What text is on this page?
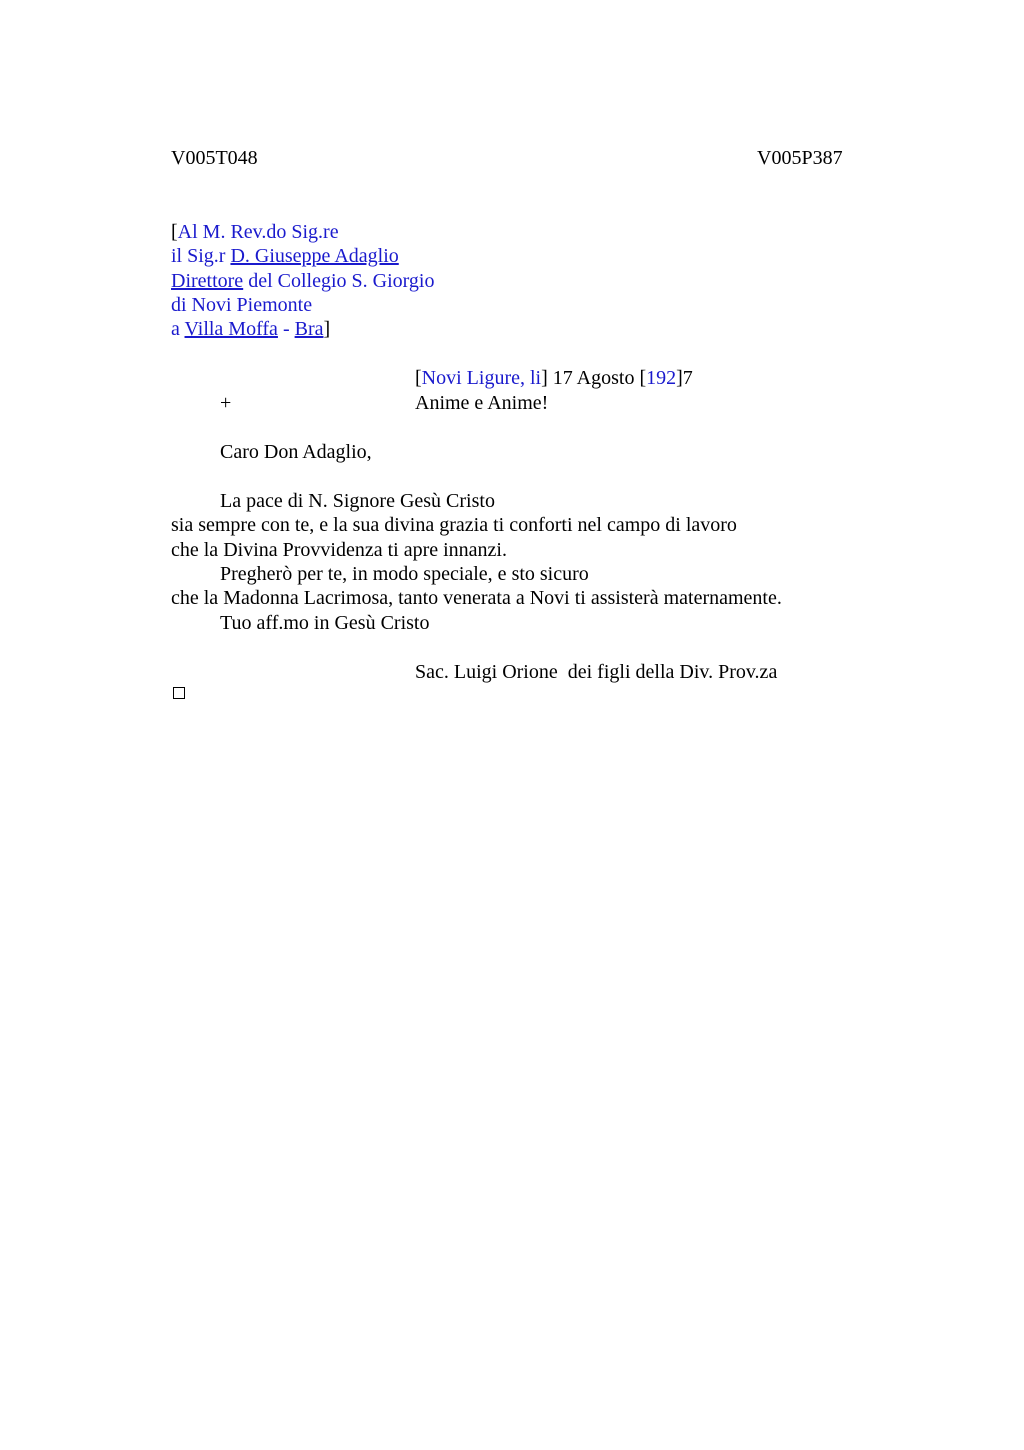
V005T048	V005P387

[Al M. Rev.do Sig.re

il Sig.r D. Giuseppe Adaglio

Direttore del Collegio S. Giorgio

di Novi Piemonte

a Villa Moffa - Bra]

[Novi Ligure, li] 17 Agosto [192]7

+	Anime e Anime!

Caro Don Adaglio,

La pace di N. Signore Gesù Cristo

sia sempre con te, e la sua divina grazia ti conforti nel campo di lavoro

che la Divina Provvidenza ti apre innanzi.

Pregherò per te, in modo speciale, e sto sicuro

che la Madonna Lacrimosa, tanto venerata a Novi ti assisterà maternamente.

Tuo aff.mo in Gesù Cristo

Sac. Luigi Orione  dei figli della Div. Prov.za
